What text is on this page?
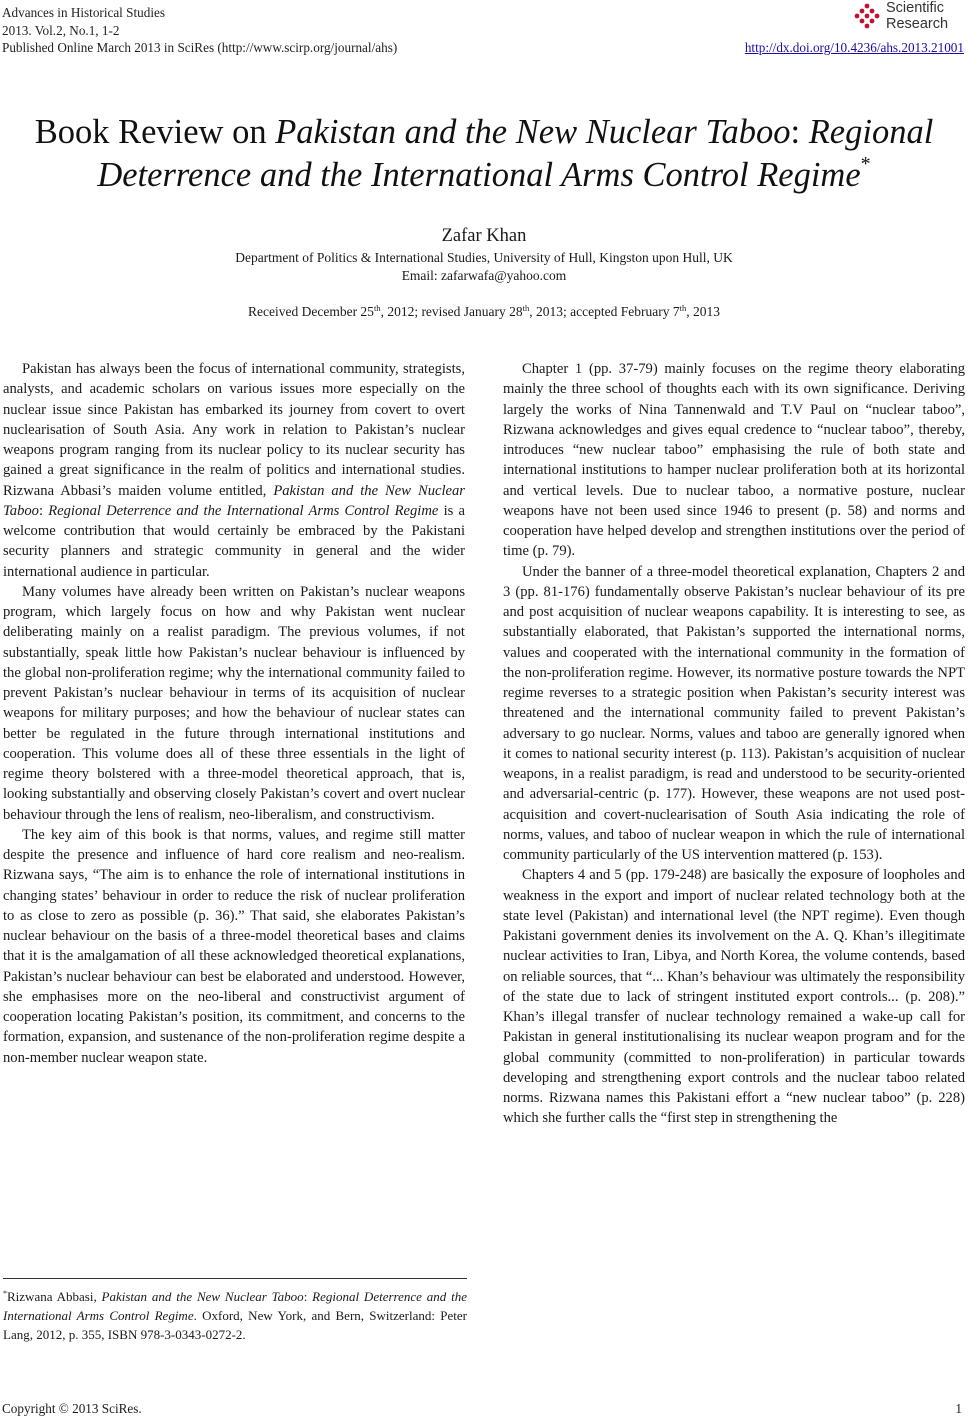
Advances in Historical Studies
2013. Vol.2, No.1, 1-2
Published Online March 2013 in SciRes (http://www.scirp.org/journal/ahs)
Scientific
Research
http://dx.doi.org/10.4236/ahs.2013.21001
Book Review on Pakistan and the New Nuclear Taboo: Regional
Deterrence and the International Arms Control Regime*
Zafar Khan
Department of Politics & International Studies, University of Hull, Kingston upon Hull, UK
Email: zafarwafa@yahoo.com
Received December 25th, 2012; revised January 28th, 2013; accepted February 7th, 2013

Pakistan has always been the focus of international community, strategists, analysts, and academic scholars on various issues more especially on the nuclear issue since Pakistan has embarked its journey from covert to overt nuclearisation of South Asia. Any work in relation to Pakistan’s nuclear weapons program ranging from its nuclear policy to its nuclear security has gained a great significance in the realm of politics and international studies. Rizwana Abbasi’s maiden volume entitled, Pakistan and the New Nuclear Taboo: Regional Deterrence and the International Arms Control Regime is a welcome contribution that would certainly be embraced by the Pakistani security planners and strategic community in general and the wider international audience in particular.

Many volumes have already been written on Pakistan’s nuclear weapons program, which largely focus on how and why Pakistan went nuclear deliberating mainly on a realist paradigm. The previous volumes, if not substantially, speak little how Pakistan’s nuclear behaviour is influenced by the global non-proliferation regime; why the international community failed to prevent Pakistan’s nuclear behaviour in terms of its acquisition of nuclear weapons for military purposes; and how the behaviour of nuclear states can better be regulated in the future through international institutions and cooperation. This volume does all of these three essentials in the light of regime theory bolstered with a three-model theoretical approach, that is, looking substantially and observing closely Pakistan’s covert and overt nuclear behaviour through the lens of realism, neo-liberalism, and constructivism.

The key aim of this book is that norms, values, and regime still matter despite the presence and influence of hard core realism and neo-realism. Rizwana says, “The aim is to enhance the role of international institutions in changing states’ behaviour in order to reduce the risk of nuclear proliferation to as close to zero as possible (p. 36).” That said, she elaborates Pakistan’s nuclear behaviour on the basis of a three-model theoretical bases and claims that it is the amalgamation of all these acknowledged theoretical explanations, Pakistan’s nuclear behaviour can best be elaborated and understood. However, she emphasises more on the neo-liberal and constructivist argument of cooperation locating Pakistan’s position, its commitment, and concerns to the formation, expansion, and sustenance of the non-proliferation regime despite a non-member nuclear weapon state.

Chapter 1 (pp. 37-79) mainly focuses on the regime theory elaborating mainly the three school of thoughts each with its own significance. Deriving largely the works of Nina Tannenwald and T.V Paul on “nuclear taboo”, Rizwana acknowledges and gives equal credence to “nuclear taboo”, thereby, introduces “new nuclear taboo” emphasising the rule of both state and international institutions to hamper nuclear proliferation both at its horizontal and vertical levels. Due to nuclear taboo, a normative posture, nuclear weapons have not been used since 1946 to present (p. 58) and norms and cooperation have helped develop and strengthen institutions over the period of time (p. 79).

Under the banner of a three-model theoretical explanation, Chapters 2 and 3 (pp. 81-176) fundamentally observe Pakistan’s nuclear behaviour of its pre and post acquisition of nuclear weapons capability. It is interesting to see, as substantially elaborated, that Pakistan’s supported the international norms, values and cooperated with the international community in the formation of the non-proliferation regime. However, its normative posture towards the NPT regime reverses to a strategic position when Pakistan’s security interest was threatened and the international community failed to prevent Pakistan’s adversary to go nuclear. Norms, values and taboo are generally ignored when it comes to national security interest (p. 113). Pakistan’s acquisition of nuclear weapons, in a realist paradigm, is read and understood to be security-oriented and adversarial-centric (p. 177). However, these weapons are not used post-acquisition and covert-nuclearisation of South Asia indicating the role of norms, values, and taboo of nuclear weapon in which the rule of international community particularly of the US intervention mattered (p. 153).

Chapters 4 and 5 (pp. 179-248) are basically the exposure of loopholes and weakness in the export and import of nuclear related technology both at the state level (Pakistan) and international level (the NPT regime). Even though Pakistani government denies its involvement on the A. Q. Khan’s illegitimate nuclear activities to Iran, Libya, and North Korea, the volume contends, based on reliable sources, that “... Khan’s behaviour was ultimately the responsibility of the state due to lack of stringent instituted export controls... (p. 208).” Khan’s illegal transfer of nuclear technology remained a wake-up call for Pakistan in general institutionalising its nuclear weapon program and for the global community (committed to non-proliferation) in particular towards developing and strengthening export controls and the nuclear taboo related norms. Rizwana names this Pakistani effort a “new nuclear taboo” (p. 228) which she further calls the “first step in strengthening the

*Rizwana Abbasi, Pakistan and the New Nuclear Taboo: Regional Deterrence and the International Arms Control Regime. Oxford, New York, and Bern, Switzerland: Peter Lang, 2012, p. 355, ISBN 978-3-0343-0272-2.
Copyright © 2013 SciRes.	1
